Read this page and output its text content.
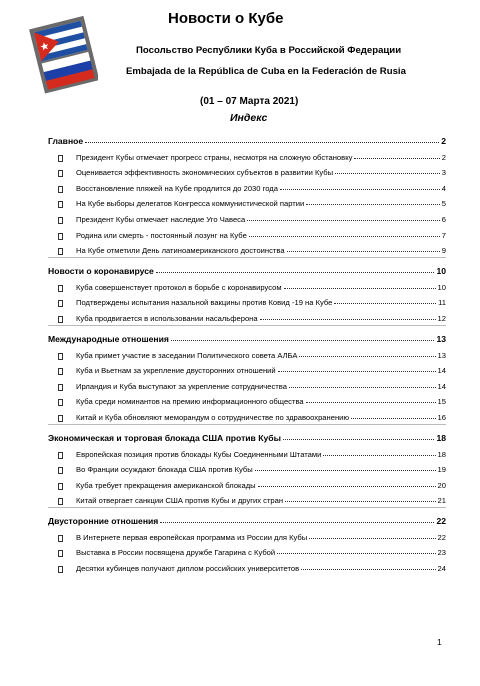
Новости о Кубе
Посольство Республики Куба в Российской Федерации
Embajada de la República de Cuba en la Federación de Rusia
(01 – 07 Марта 2021)
Индекс
Главное	2
Президент Кубы отмечает прогресс страны, несмотря на сложную обстановку	2
Оценивается эффективность экономических субъектов в развитии Кубы	3
Восстановление пляжей на Кубе продлится до 2030 года	4
На Кубе выборы делегатов Конгресса коммунистической партии	5
Президент Кубы отмечает наследие Уго Чавеса	6
Родина или смерть - постоянный лозунг на Кубе	7
На Кубе отметили День латиноамериканского достоинства	9
Новости о коронавирусе	10
Куба совершенствует протокол в борьбе с коронавирусом	10
Подтверждены испытания назальной вакцины против Ковид -19 на Кубе	11
Куба продвигается в использовании насальферона	12
Международные отношения	13
Куба примет участие в заседании Политического совета АЛБА	13
Куба и Вьетнам за укрепление двусторонних отношений	14
Ирландия и Куба выступают за укрепление сотрудничества	14
Куба среди номинантов на премию информационного общества	15
Китай и Куба обновляют меморандум о сотрудничестве по здравоохранению	16
Экономическая и торговая блокада США против Кубы	18
Европейская позиция против блокады Кубы Соединенными Штатами	18
Во Франции осуждают блокада США против Кубы	19
Куба требует прекращения американской блокады	20
Китай отвергает санкции США против Кубы и других стран	21
Двусторонние отношения	22
В Интернете первая европейская программа из России для Кубы	22
Выставка в России посвящена дружбе Гагарина с Кубой	23
Десятки кубинцев получают диплом российских университетов	24
1
